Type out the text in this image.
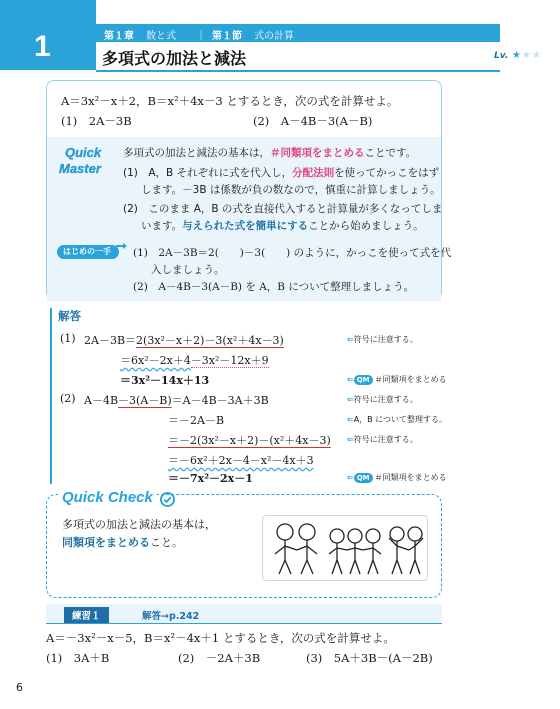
1	第１章 数と式 ｜ 第１節 式の計算
Lv. ★★★
多項式の加法と減法
A＝3x²－x＋2，B＝x²＋4x－3 とするとき，次の式を計算せよ。
(1)　2A－3B	(2)　A－4B－3(A－B)
Quick
Master
多項式の加法と減法の基本は，＃同類項をまとめることです。
(1)　A，B それぞれに式を代入し，分配法則を使ってかっこをはず
します。－3B は係数が負の数なので，慎重に計算しましょう。
(2)　このまま A，B の式を直接代入すると計算量が多くなってしま
います。与えられた式を簡単にすることから始めましょう。
はじめの一手	(1)　2A－3B＝2(　　)－3(　　) のように，かっこを使って式を代
入しましょう。
(2)　A－4B－3(A－B) を A，B について整理しましょう。
解答
(1) 2A－3B＝2(3x²－x＋2)－3(x²＋4x－3)	⇐符号に注意する。
＝6x²－2x＋4－3x²－12x＋9
＝3x²－14x＋13	⇐ QM ＃同類項をまとめる
(2) A－4B－3(A－B)＝A－4B－3A＋3B	⇐符号に注意する。
＝－2A－B	⇐A，B について整理する。
＝－2(3x²－x＋2)－(x²＋4x－3) ⇐符号に注意する。
＝－6x²＋2x－4－x²－4x＋3
＝－7x²－2x－1	⇐ QM ＃同類項をまとめる
Quick Check
多項式の加法と減法の基本は，
同類項をまとめること。
練習１	解答→p.242
A＝－3x²－x－5，B＝x²－4x＋1 とするとき，次の式を計算せよ。
(1)　3A＋B	(2)　－2A＋3B	(3)　5A＋3B－(A－2B)
6
